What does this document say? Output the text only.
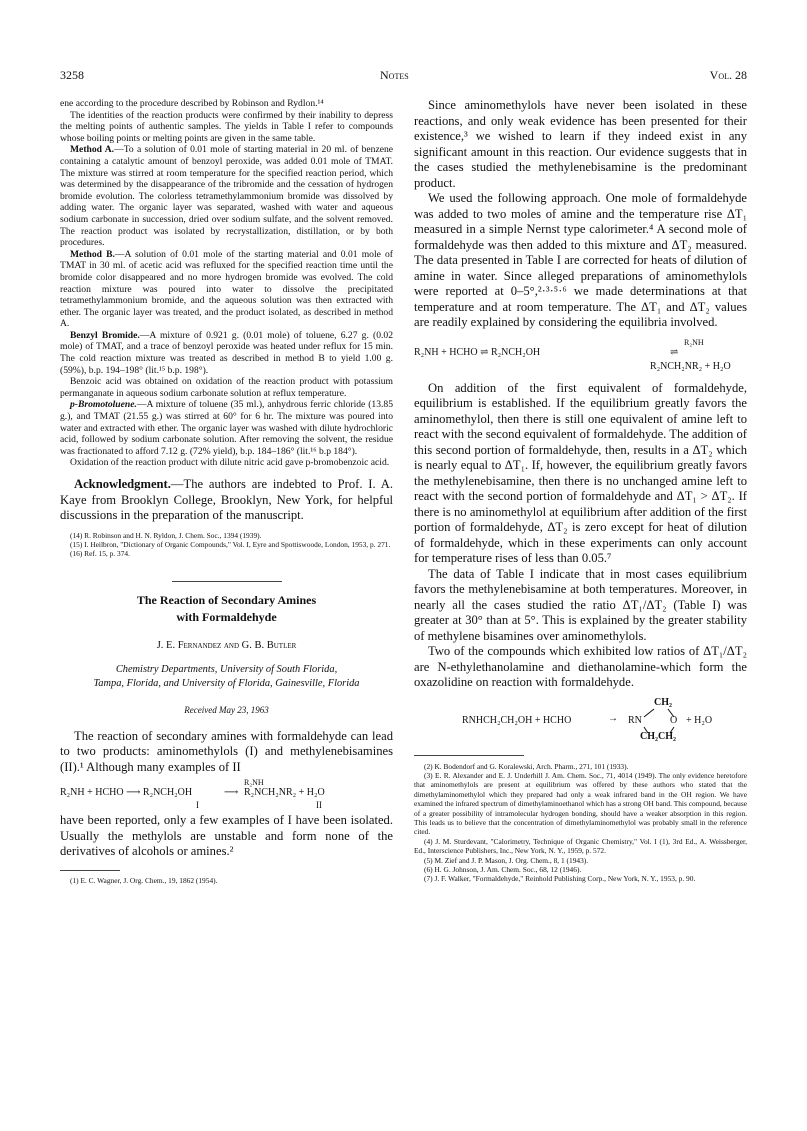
3258	Notes	Vol. 28

ene according to the procedure described by Robinson and Rydlon.¹⁴

The identities of the reaction products were confirmed by their inability to depress the melting points of authentic samples. The yields in Table I refer to compounds whose boiling points or melting points are given in the same table.

Method A.—To a solution of 0.01 mole of starting material in 20 ml. of benzene containing a catalytic amount of benzoyl peroxide, was added 0.01 mole of TMAT. The mixture was stirred at room temperature for the specified reaction period, which was determined by the disappearance of the tribromide and the cessation of hydrogen bromide evolution. The colorless tetramethylammonium bromide was dissolved by adding water. The organic layer was separated, washed with water and aqueous sodium carbonate in succession, dried over sodium sulfate, and the solvent removed. The reaction product was isolated by recrystallization, distillation, or by both procedures.

Method B.—A solution of 0.01 mole of the starting material and 0.01 mole of TMAT in 30 ml. of acetic acid was refluxed for the specified reaction time until the bromide color disappeared and no more hydrogen bromide was evolved. The cold reaction mixture was poured into water to dissolve the precipitated tetramethylammonium bromide, and the aqueous solution was then extracted with ether. The organic layer was treated, and the product isolated, as described in method A.

Benzyl Bromide.—A mixture of 0.921 g. (0.01 mole) of toluene, 6.27 g. (0.02 mole) of TMAT, and a trace of benzoyl peroxide was heated under reflux for 15 min. The cold reaction mixture was treated as described in method B to yield 1.00 g. (59%), b.p. 194–198° (lit.¹⁵ b.p. 198°).

Benzoic acid was obtained on oxidation of the reaction product with potassium permanganate in aqueous sodium carbonate solution at reflux temperature.

p-Bromotoluene.—A mixture of toluene (35 ml.), anhydrous ferric chloride (13.85 g.), and TMAT (21.55 g.) was stirred at 60° for 6 hr. The mixture was poured into water and extracted with ether. The organic layer was washed with dilute hydrochloric acid, followed by sodium carbonate solution. After removing the solvent, the residue was fractionated to afford 7.12 g. (72% yield), b.p. 184–186° (lit.¹⁶ b.p 184°).

Oxidation of the reaction product with dilute nitric acid gave p-bromobenzoic acid.

Acknowledgment.—The authors are indebted to Prof. I. A. Kaye from Brooklyn College, Brooklyn, New York, for helpful discussions in the preparation of the manuscript.

(14) R. Robinson and H. N. Ryldon, J. Chem. Soc., 1394 (1939).

(15) I. Heilbron, "Dictionary of Organic Compounds," Vol. I, Eyre and Spottiswoode, London, 1953, p. 271.

(16) Ref. 15, p. 374.

The Reaction of Secondary Amines
with Formaldehyde
J. E. Fernandez and G. B. Butler
Chemistry Departments, University of South Florida,
Tampa, Florida, and University of Florida, Gainesville, Florida
Received May 23, 1963

The reaction of secondary amines with formaldehyde can lead to two products: aminomethylols (I) and methylenebisamines (II).¹ Although many examples of II

R₂NH + HCHO ⟶ R₂NCH₂OH
R₂NH
⟶ R₂NCH₂NR₂ + H₂O
I	II

have been reported, only a few examples of I have been isolated. Usually the methylols are unstable and form none of the derivatives of alcohols or amines.²

(1) E. C. Wagner, J. Org. Chem., 19, 1862 (1954).

Since aminomethylols have never been isolated in these reactions, and only weak evidence has been presented for their existence,³ we wished to learn if they indeed exist in any significant amount in this reaction. Our evidence suggests that in the cases studied the methylenebisamine is the predominant product.

We used the following approach. One mole of formaldehyde was added to two moles of amine and the temperature rise ΔT₁ measured in a simple Nernst type calorimeter.⁴ A second mole of formaldehyde was then added to this mixture and ΔT₂ measured. The data presented in Table I are corrected for heats of dilution of amine in water. Since alleged preparations of aminomethylols were reported at 0–5°,²·³·⁵·⁶ we made determinations at that temperature and at room temperature. The ΔT₁ and ΔT₂ values are readily explained by considering the equilibria involved.

R₂NH + HCHO ⇌ R₂NCH₂OH
R₂NH
⇌
R₂NCH₂NR₂ + H₂O

On addition of the first equivalent of formaldehyde, equilibrium is established. If the equilibrium greatly favors the aminomethylol, then there is still one equivalent of amine left to react with the second equivalent of formaldehyde. The addition of this second portion of formaldehyde, then, results in a ΔT₂ which is nearly equal to ΔT₁. If, however, the equilibrium greatly favors the methylenebisamine, then there is no unchanged amine left to react with the second portion of formaldehyde and ΔT₁ > ΔT₂. If there is no aminomethylol at equilibrium after addition of the first portion of formaldehyde, ΔT₂ is zero except for heat of dilution of formaldehyde, which in these experiments can only account for temperature rises of less than 0.05.⁷

The data of Table I indicate that in most cases equilibrium favors the methylenebisamine at both temperatures. Moreover, in nearly all the cases studied the ratio ΔT₁/ΔT₂ (Table I) was greater at 30° than at 5°. This is explained by the greater stability of methylene bisamines over aminomethylols.

Two of the compounds which exhibited low ratios of ΔT₁/ΔT₂ are N-ethylethanolamine and diethanolamine-which form the oxazolidine on reaction with formaldehyde.

RNHCH₂CH₂OH + HCHO	→ RN
CH₂
O
CH₂CH₂
+ H₂O

(2) K. Bodendorf and G. Koralewski, Arch. Pharm., 271, 101 (1933).

(3) E. R. Alexander and E. J. Underhill J. Am. Chem. Soc., 71, 4014 (1949). The only evidence heretofore that aminomethylols are present at equilibrium was offered by these authors who stated that the dimethylaminomethylol which they prepared had only a weak infrared band in the OH region. We have examined the infrared spectrum of dimethylaminoethanol which has a strong OH band. This compound, because of a greater possibility of intramolecular hydrogen bonding, should have a weaker absorption in this region. This leads us to believe that the concentration of dimethylaminomethylol was probably small in the reference cited.

(4) J. M. Sturdevant, "Calorimetry, Technique of Organic Chemistry," Vol. I (1), 3rd Ed., A. Weissberger, Ed., Interscience Publishers, Inc., New York, N. Y., 1959, p. 572.

(5) M. Zief and J. P. Mason, J. Org. Chem., 8, 1 (1943).

(6) H. G. Johnson, J. Am. Chem. Soc., 68, 12 (1946).

(7) J. F. Walker, "Formaldehyde," Reinhold Publishing Corp., New York, N. Y., 1953, p. 90.
